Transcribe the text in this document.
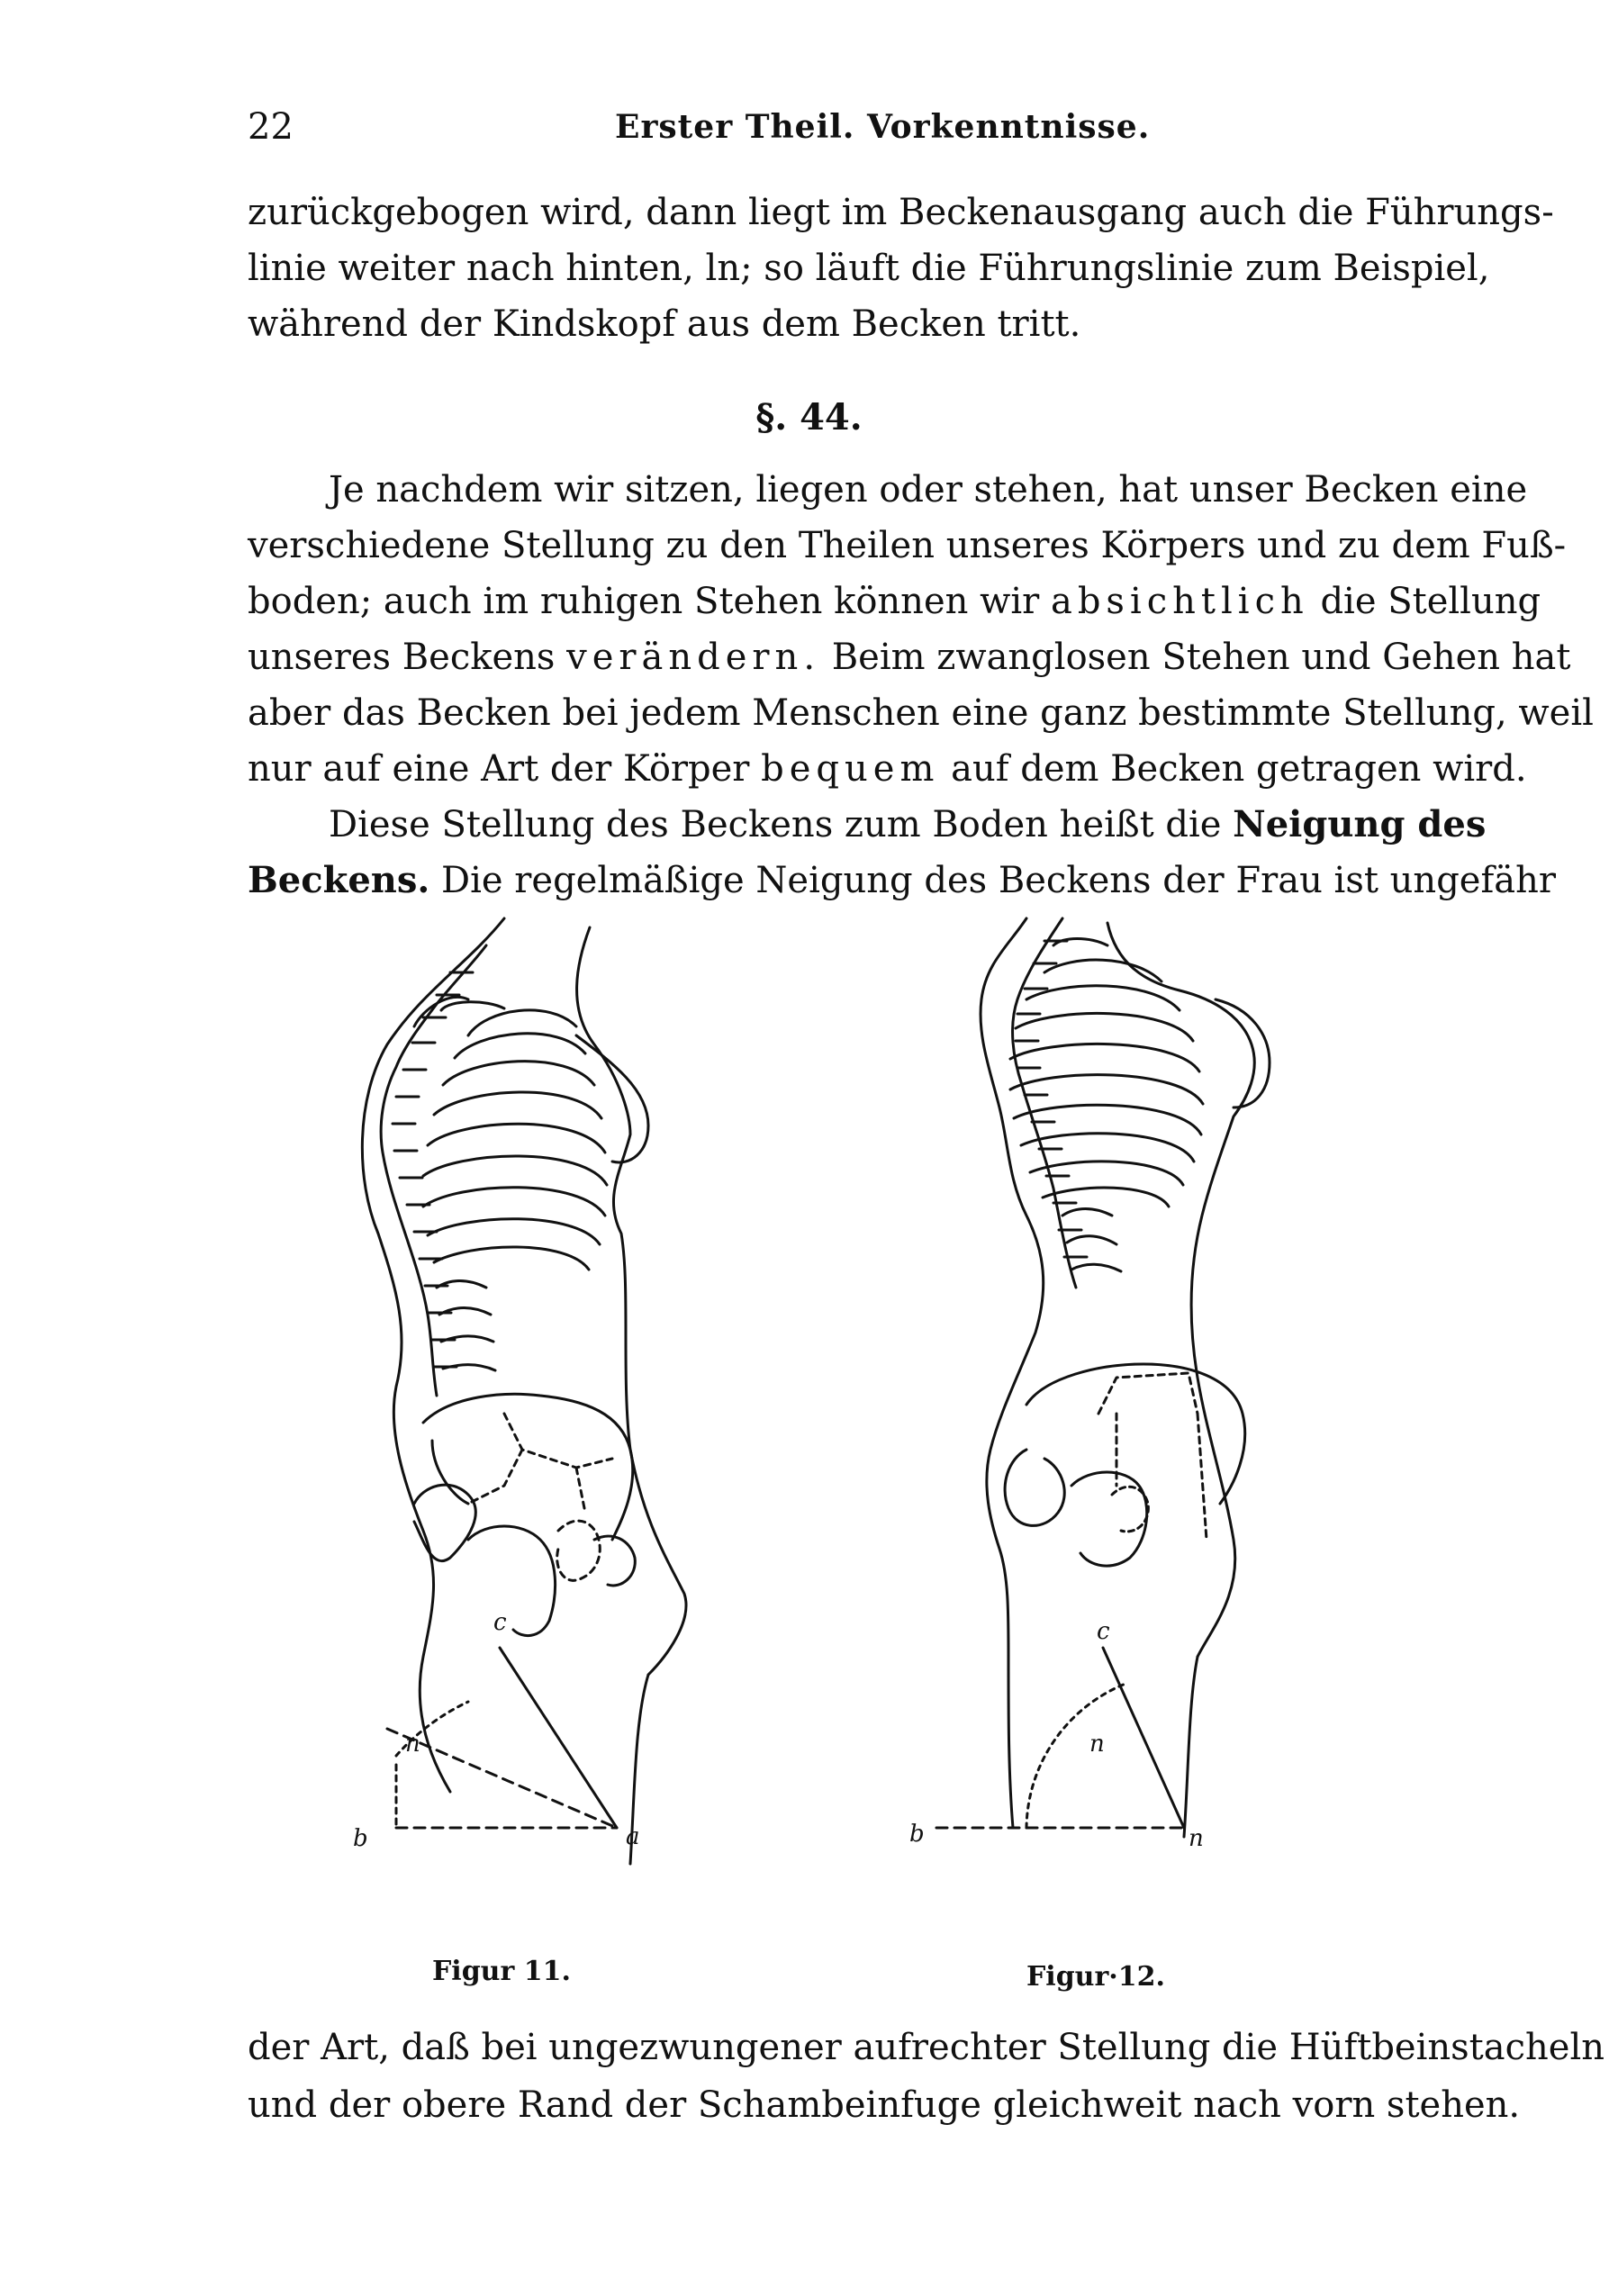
22	Erster Theil. Vorkenntnisse.
zurückgebogen wird, dann liegt im Beckenausgang auch die Führungs-
linie weiter nach hinten, ln; so läuft die Führungslinie zum Beispiel,
während der Kindskopf aus dem Becken tritt.
§. 44.
Je nachdem wir sitzen, liegen oder stehen, hat unser Becken eine
verschiedene Stellung zu den Theilen unseres Körpers und zu dem Fuß-
boden; auch im ruhigen Stehen können wir absichtlich die Stellung
unseres Beckens verändern. Beim zwanglosen Stehen und Gehen hat
aber das Becken bei jedem Menschen eine ganz bestimmte Stellung, weil
nur auf eine Art der Körper bequem auf dem Becken getragen wird.
Diese Stellung des Beckens zum Boden heißt die Neigung des
Beckens. Die regelmäßige Neigung des Beckens der Frau ist ungefähr
c
n
b	a
c
n
b	n
Figur 11.	Figur·12.
der Art, daß bei ungezwungener aufrechter Stellung die Hüftbeinstacheln
und der obere Rand der Schambeinfuge gleichweit nach vorn stehen.
